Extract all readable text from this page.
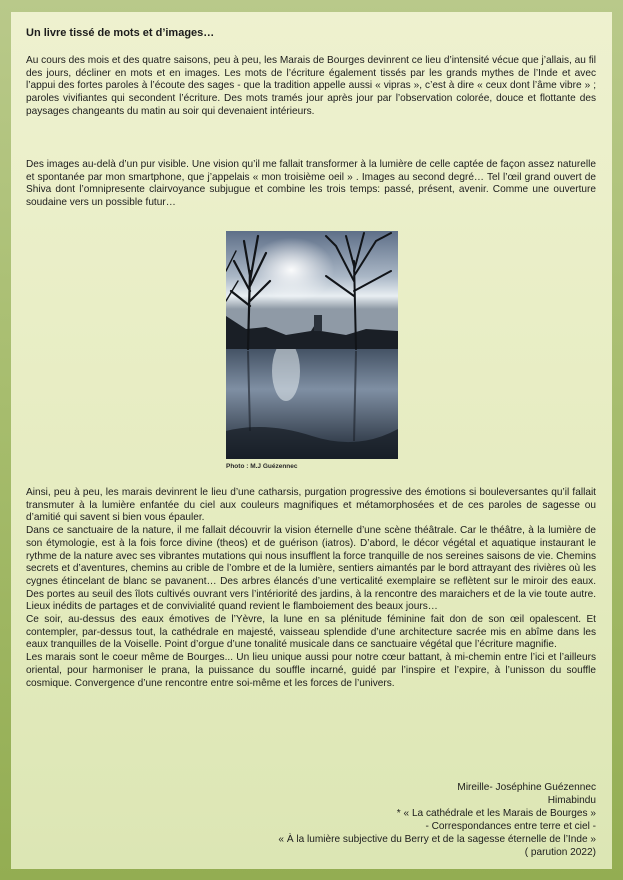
Un livre tissé de mots et d’images…

Au cours des mois et des quatre saisons, peu à peu, les Marais de Bourges devinrent ce lieu d’intensité vécue que j’allais, au fil des jours, décliner en mots et en images. Les mots de l’écriture également tissés par les grands mythes de l’Inde et avec l’appui des fortes paroles à l’écoute des sages - que la tradition appelle aussi « vipras », c’est à dire « ceux dont l’âme vibre » ; paroles vivifiantes qui secondent l’écriture. Des mots tramés jour après jour par l’observation colorée, douce et flottante des paysages changeants du matin au soir qui devenaient intérieurs.

Des images au-delà d’un pur visible. Une vision qu’il me fallait transformer à la lumière de celle captée de façon assez naturelle et spontanée par mon smartphone, que j’appelais « mon troisième oeil » . Images au second degré… Tel l’œil grand ouvert de Shiva dont l’omnipresente clairvoyance subjugue et combine les trois temps: passé, présent, avenir. Comme une ouverture soudaine vers un possible futur…

Photo : M.J Guézennec
Ainsi, peu à peu, les marais devinrent le lieu d’une catharsis, purgation progressive des émotions si bouleversantes qu’il fallait transmuter à la lumière enfantée du ciel aux couleurs magnifiques et métamorphosées et de ces paroles de sagesse ou d’amitié qui savent si bien vous épauler.
Dans ce sanctuaire de la nature, il me fallait découvrir la vision éternelle d’une scène théâtrale. Car le théâtre, à la lumière de son étymologie, est à la fois force divine (theos) et de guérison (iatros). D’abord, le décor végétal et aquatique instaurant le rythme de la nature avec ses vibrantes mutations qui nous insufflent la force tranquille de nos sereines saisons de vie. Chemins secrets et d’aventures, chemins au crible de l’ombre et de la lumière, sentiers aimantés par le bord attrayant des rivières où les cygnes étincelant de blanc se pavanent… Des arbres élancés d’une verticalité exemplaire se reflètent sur le miroir des eaux. Des portes au seuil des îlots cultivés ouvrant vers l’intériorité des jardins, à la rencontre des maraichers et de la vie toute autre. Lieux inédits de partages et de convivialité quand revient le flamboiement des beaux jours…
Ce soir, au-dessus des eaux émotives de l’Yèvre, la lune en sa plénitude féminine fait don de son œil opalescent. Et contempler, par-dessus tout, la cathédrale en majesté, vaisseau splendide d’une architecture sacrée mis en abîme dans les eaux tranquilles de la Voiselle. Point d’orgue d’une tonalité musicale dans ce sanctuaire végétal que l’écriture magnifie.
Les marais sont le coeur même de Bourges... Un lieu unique aussi pour notre cœur battant, à mi-chemin entre l’ici et l’ailleurs oriental, pour harmoniser le prana, la puissance du souffle incarné, guidé par l’inspire et l’expire, à l’unisson du souffle cosmique. Convergence d’une rencontre entre soi-même et les forces de l’univers.
Mireille- Joséphine Guézennec
Himabindu
* « La cathédrale et les Marais de Bourges »
- Correspondances entre terre et ciel -
« À la lumière subjective du Berry et de la sagesse éternelle de l’Inde »
( parution 2022)
